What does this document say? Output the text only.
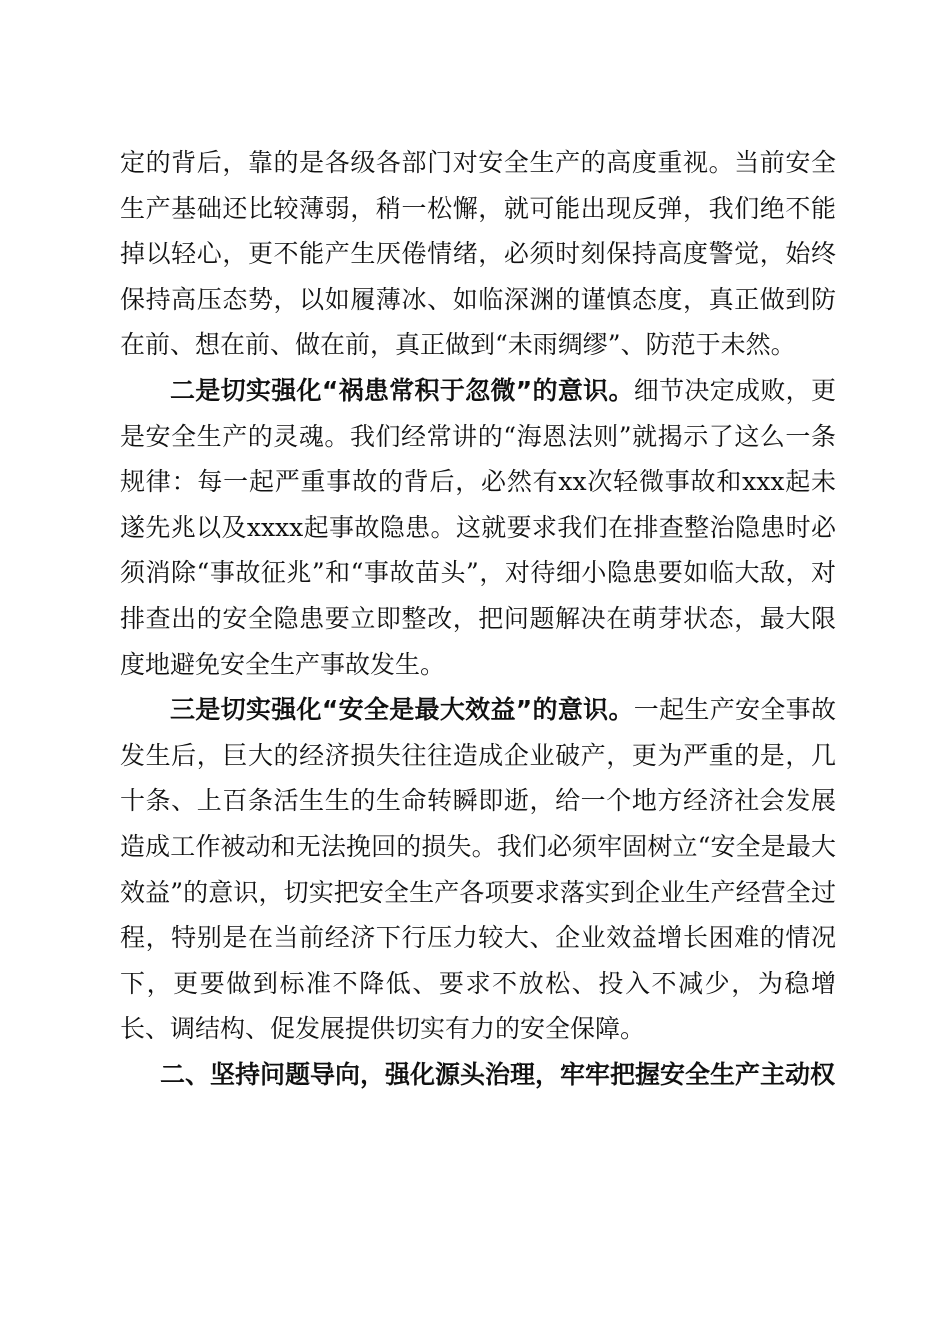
定的背后，靠的是各级各部门对安全生产的高度重视。当前安全生产基础还比较薄弱，稍一松懈，就可能出现反弹，我们绝不能掉以轻心，更不能产生厌倦情绪，必须时刻保持高度警觉，始终保持高压态势，以如履薄冰、如临深渊的谨慎态度，真正做到防在前、想在前、做在前，真正做到“未雨绸缪”、防范于未然。

二是切实强化“祸患常积于忽微”的意识。细节决定成败，更是安全生产的灵魂。我们经常讲的“海恩法则”就揭示了这么一条规律：每一起严重事故的背后，必然有xx次轻微事故和xxx起未遂先兆以及xxxx起事故隐患。这就要求我们在排查整治隐患时必须消除“事故征兆”和“事故苗头”，对待细小隐患要如临大敌，对排查出的安全隐患要立即整改，把问题解决在萌芽状态，最大限度地避免安全生产事故发生。

三是切实强化“安全是最大效益”的意识。一起生产安全事故发生后，巨大的经济损失往往造成企业破产，更为严重的是，几十条、上百条活生生的生命转瞬即逝，给一个地方经济社会发展造成工作被动和无法挽回的损失。我们必须牢固树立“安全是最大效益”的意识，切实把安全生产各项要求落实到企业生产经营全过程，特别是在当前经济下行压力较大、企业效益增长困难的情况下，更要做到标准不降低、要求不放松、投入不减少，为稳增长、调结构、促发展提供切实有力的安全保障。

二、坚持问题导向，强化源头治理，牢牢把握安全生产主动权
